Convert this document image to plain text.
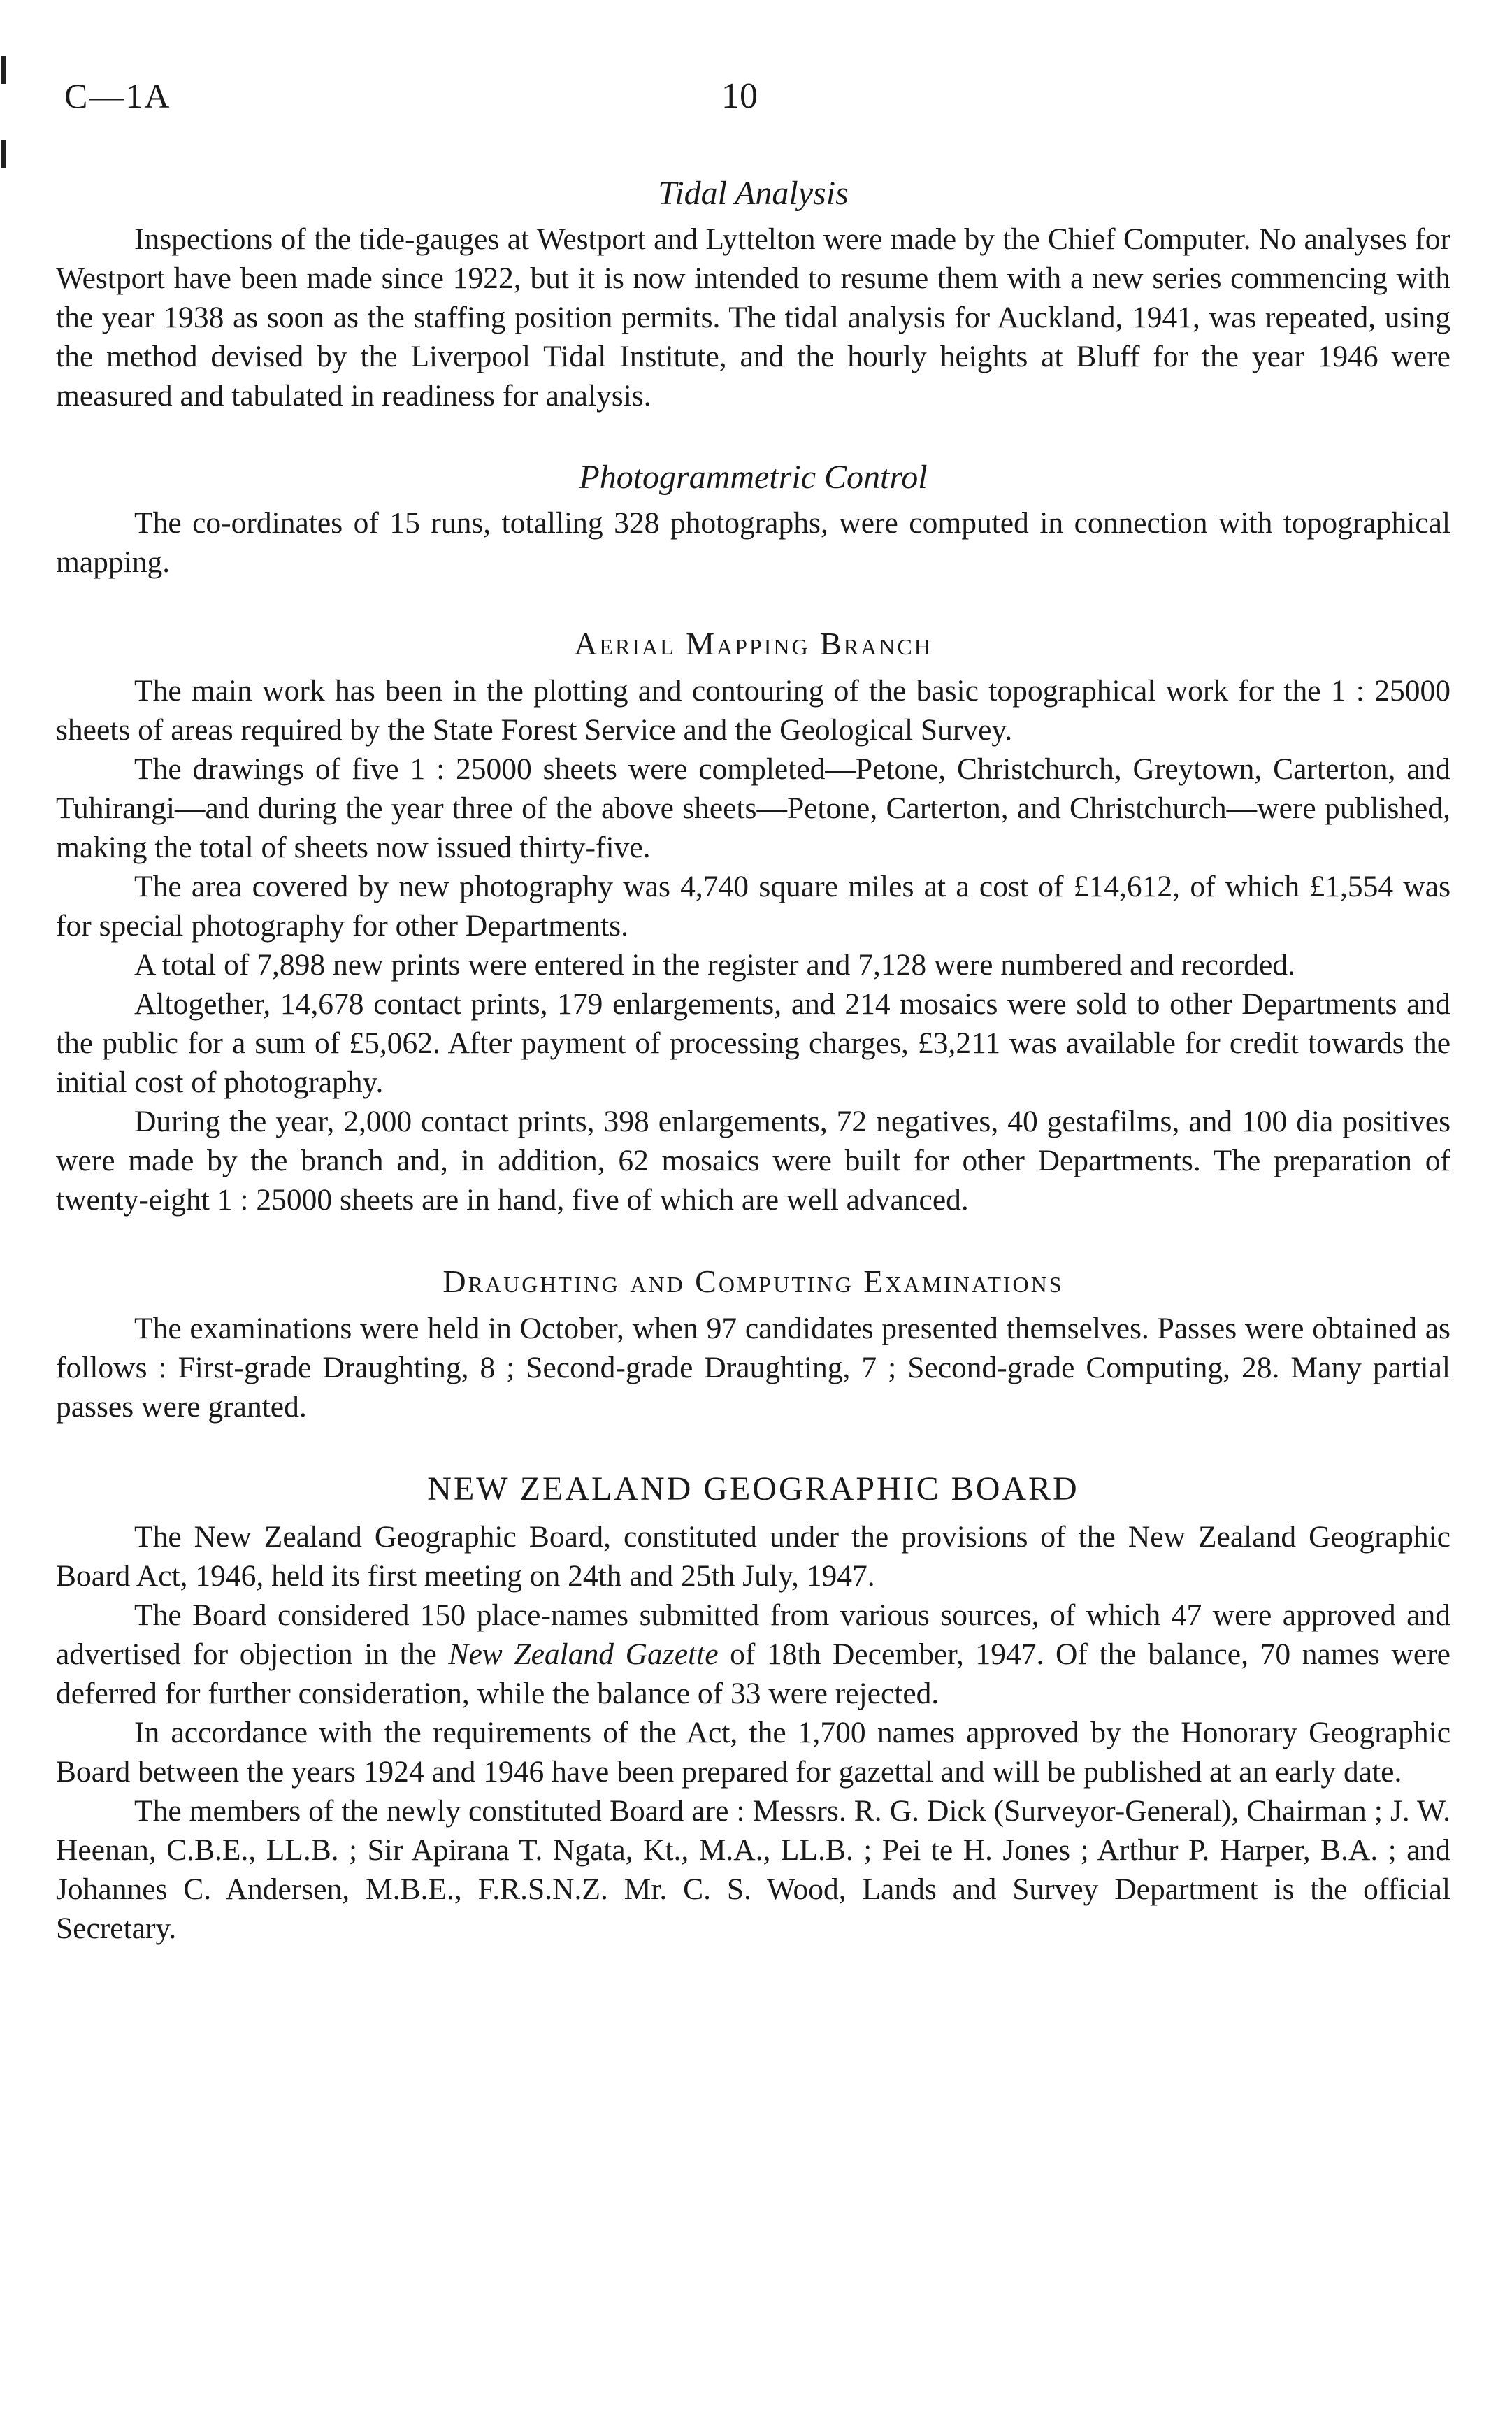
C—1A	10
Tidal Analysis

Inspections of the tide-gauges at Westport and Lyttelton were made by the Chief Computer. No analyses for Westport have been made since 1922, but it is now intended to resume them with a new series commencing with the year 1938 as soon as the staffing position permits. The tidal analysis for Auckland, 1941, was repeated, using the method devised by the Liverpool Tidal Institute, and the hourly heights at Bluff for the year 1946 were measured and tabulated in readiness for analysis.

Photogrammetric Control

The co-ordinates of 15 runs, totalling 328 photographs, were computed in connection with topographical mapping.

Aerial Mapping Branch

The main work has been in the plotting and contouring of the basic topographical work for the 1 : 25000 sheets of areas required by the State Forest Service and the Geological Survey.

The drawings of five 1 : 25000 sheets were completed—Petone, Christchurch, Greytown, Carterton, and Tuhirangi—and during the year three of the above sheets—Petone, Carterton, and Christchurch—were published, making the total of sheets now issued thirty-five.

The area covered by new photography was 4,740 square miles at a cost of £14,612, of which £1,554 was for special photography for other Departments.

A total of 7,898 new prints were entered in the register and 7,128 were numbered and recorded.

Altogether, 14,678 contact prints, 179 enlargements, and 214 mosaics were sold to other Departments and the public for a sum of £5,062. After payment of processing charges, £3,211 was available for credit towards the initial cost of photography.

During the year, 2,000 contact prints, 398 enlargements, 72 negatives, 40 gestafilms, and 100 dia positives were made by the branch and, in addition, 62 mosaics were built for other Departments. The preparation of twenty-eight 1 : 25000 sheets are in hand, five of which are well advanced.

Draughting and Computing Examinations

The examinations were held in October, when 97 candidates presented themselves. Passes were obtained as follows : First-grade Draughting, 8 ; Second-grade Draughting, 7 ; Second-grade Computing, 28. Many partial passes were granted.

NEW ZEALAND GEOGRAPHIC BOARD

The New Zealand Geographic Board, constituted under the provisions of the New Zealand Geographic Board Act, 1946, held its first meeting on 24th and 25th July, 1947.

The Board considered 150 place-names submitted from various sources, of which 47 were approved and advertised for objection in the New Zealand Gazette of 18th December, 1947. Of the balance, 70 names were deferred for further consideration, while the balance of 33 were rejected.

In accordance with the requirements of the Act, the 1,700 names approved by the Honorary Geographic Board between the years 1924 and 1946 have been prepared for gazettal and will be published at an early date.

The members of the newly constituted Board are : Messrs. R. G. Dick (Surveyor-General), Chairman ; J. W. Heenan, C.B.E., LL.B. ; Sir Apirana T. Ngata, Kt., M.A., LL.B. ; Pei te H. Jones ; Arthur P. Harper, B.A. ; and Johannes C. Andersen, M.B.E., F.R.S.N.Z. Mr. C. S. Wood, Lands and Survey Department is the official Secretary.
